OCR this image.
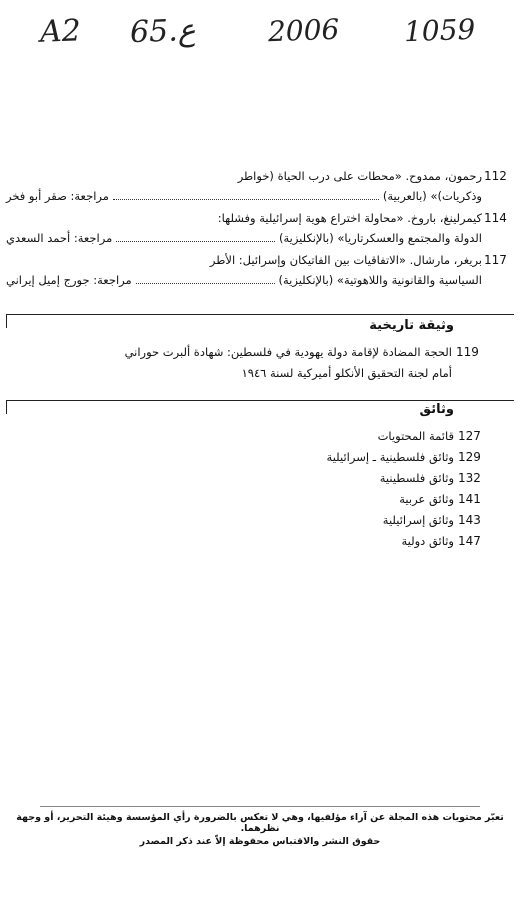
A2 65.ع	2006 1059
112
رحمون، ممدوح. «محطات على درب الحياة (خواطر
وذكريات)» (بالعربية)
مراجعة: صقر أبو فخر
114
كيمرلينغ، باروخ. «محاولة اختراع هوية إسرائيلية وفشلها:
الدولة والمجتمع والعسكرتاريا» (بالإنكليزية)
مراجعة: أحمد السعدي
117
بريغر، مارشال. «الاتفاقيات بين الفاتيكان وإسرائيل: الأطر
السياسية والقانونية واللاهوتية» (بالإنكليزية)
مراجعة: جورج إميل إيراني
وثيقة تاريخية
119
الحجة المضادة لإقامة دولة يهودية في فلسطين: شهادة ألبرت حوراني
أمام لجنة التحقيق الأنكلو أميركية لسنة ١٩٤٦
وثائق
127
قائمة المحتويات
129
وثائق فلسطينية ـ إسرائيلية
132
وثائق فلسطينية
141
وثائق عربية
143
وثائق إسرائيلية
147
وثائق دولية
تعبّر محتويات هذه المجلة عن آراء مؤلفيها، وهي لا تعكس بالضرورة رأي المؤسسة وهيئة التحرير، أو وجهة نظرهما.
حقوق النشر والاقتباس محفوظة إلاّ عند ذكر المصدر
